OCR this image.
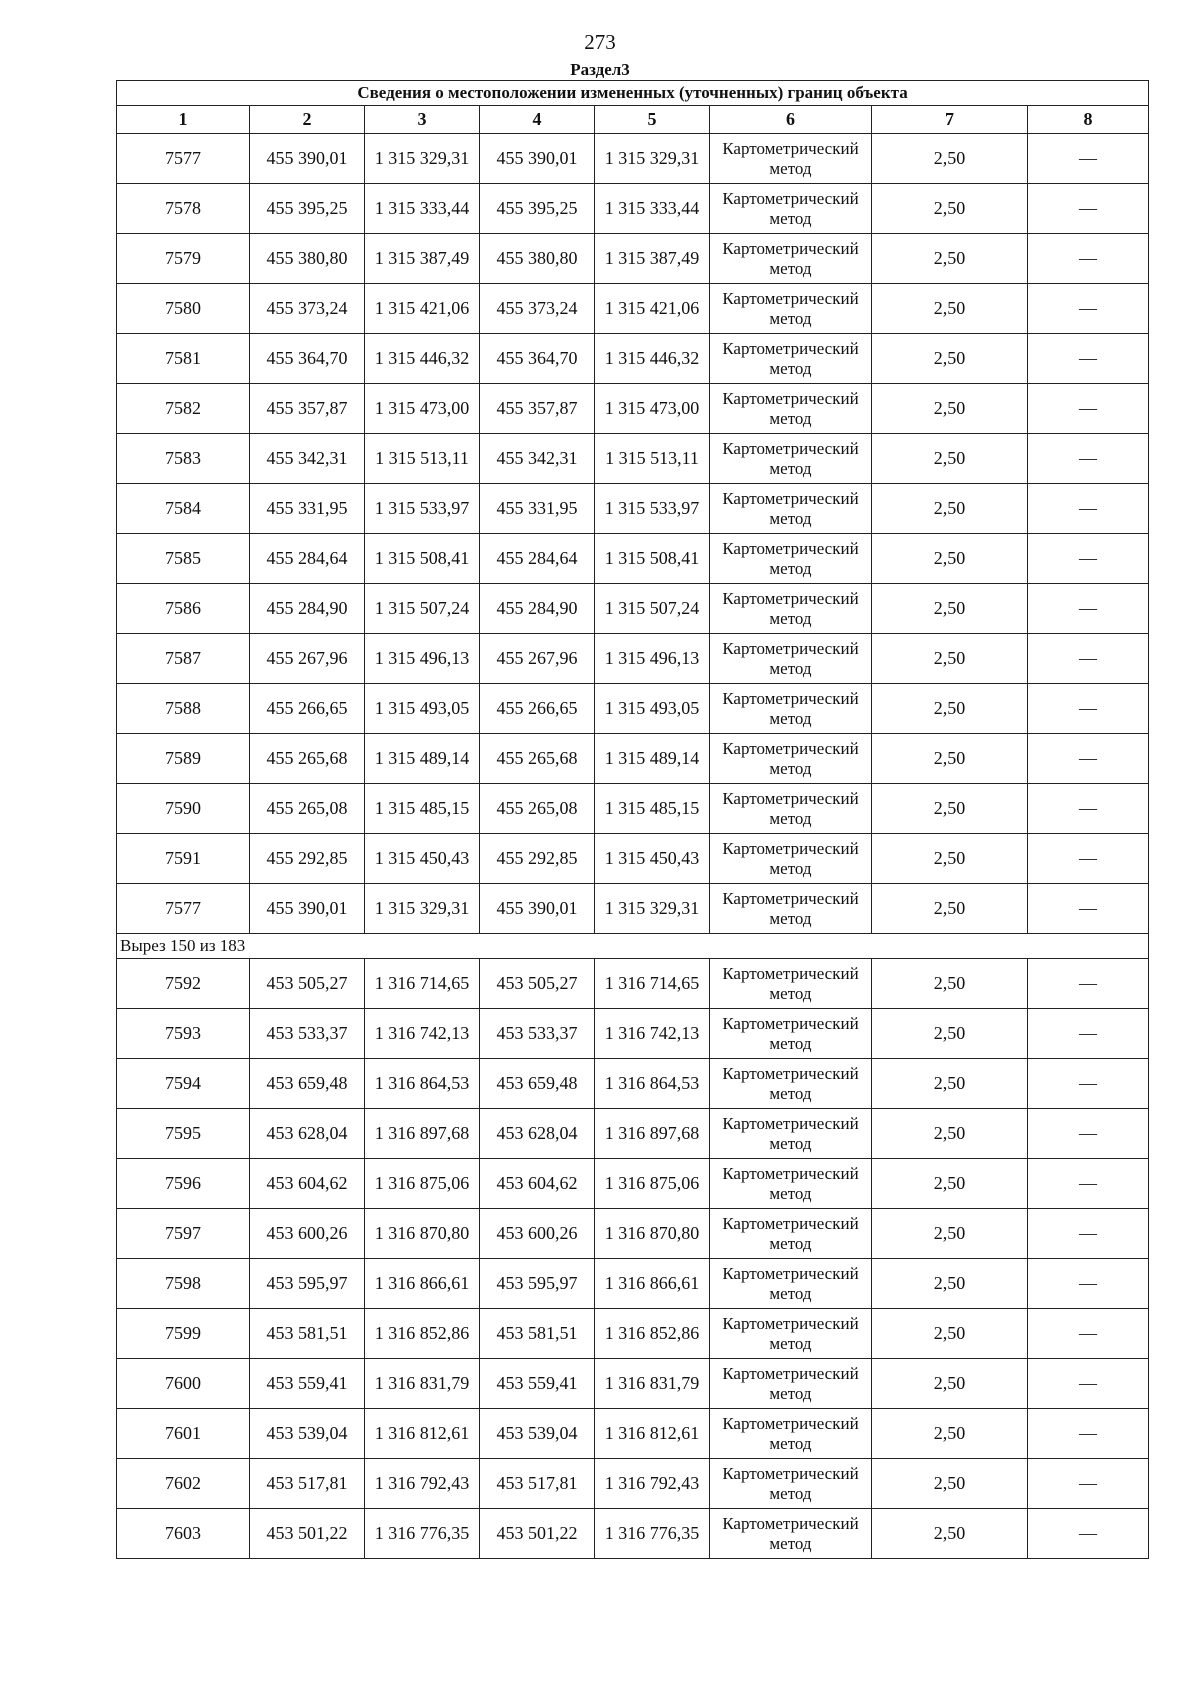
273
Раздел3
Сведения о местоположении измененных (уточненных) границ объекта							
1	2	3	4	5	6	7	8
7577	455 390,01	1 315 329,31	455 390,01	1 315 329,31	Картометрический метод	2,50	—
7578	455 395,25	1 315 333,44	455 395,25	1 315 333,44	Картометрический метод	2,50	—
7579	455 380,80	1 315 387,49	455 380,80	1 315 387,49	Картометрический метод	2,50	—
7580	455 373,24	1 315 421,06	455 373,24	1 315 421,06	Картометрический метод	2,50	—
7581	455 364,70	1 315 446,32	455 364,70	1 315 446,32	Картометрический метод	2,50	—
7582	455 357,87	1 315 473,00	455 357,87	1 315 473,00	Картометрический метод	2,50	—
7583	455 342,31	1 315 513,11	455 342,31	1 315 513,11	Картометрический метод	2,50	—
7584	455 331,95	1 315 533,97	455 331,95	1 315 533,97	Картометрический метод	2,50	—
7585	455 284,64	1 315 508,41	455 284,64	1 315 508,41	Картометрический метод	2,50	—
7586	455 284,90	1 315 507,24	455 284,90	1 315 507,24	Картометрический метод	2,50	—
7587	455 267,96	1 315 496,13	455 267,96	1 315 496,13	Картометрический метод	2,50	—
7588	455 266,65	1 315 493,05	455 266,65	1 315 493,05	Картометрический метод	2,50	—
7589	455 265,68	1 315 489,14	455 265,68	1 315 489,14	Картометрический метод	2,50	—
7590	455 265,08	1 315 485,15	455 265,08	1 315 485,15	Картометрический метод	2,50	—
7591	455 292,85	1 315 450,43	455 292,85	1 315 450,43	Картометрический метод	2,50	—
7577	455 390,01	1 315 329,31	455 390,01	1 315 329,31	Картометрический метод	2,50	—
Вырез 150 из 183							
7592	453 505,27	1 316 714,65	453 505,27	1 316 714,65	Картометрический метод	2,50	—
7593	453 533,37	1 316 742,13	453 533,37	1 316 742,13	Картометрический метод	2,50	—
7594	453 659,48	1 316 864,53	453 659,48	1 316 864,53	Картометрический метод	2,50	—
7595	453 628,04	1 316 897,68	453 628,04	1 316 897,68	Картометрический метод	2,50	—
7596	453 604,62	1 316 875,06	453 604,62	1 316 875,06	Картометрический метод	2,50	—
7597	453 600,26	1 316 870,80	453 600,26	1 316 870,80	Картометрический метод	2,50	—
7598	453 595,97	1 316 866,61	453 595,97	1 316 866,61	Картометрический метод	2,50	—
7599	453 581,51	1 316 852,86	453 581,51	1 316 852,86	Картометрический метод	2,50	—
7600	453 559,41	1 316 831,79	453 559,41	1 316 831,79	Картометрический метод	2,50	—
7601	453 539,04	1 316 812,61	453 539,04	1 316 812,61	Картометрический метод	2,50	—
7602	453 517,81	1 316 792,43	453 517,81	1 316 792,43	Картометрический метод	2,50	—
7603	453 501,22	1 316 776,35	453 501,22	1 316 776,35	Картометрический метод	2,50	—
